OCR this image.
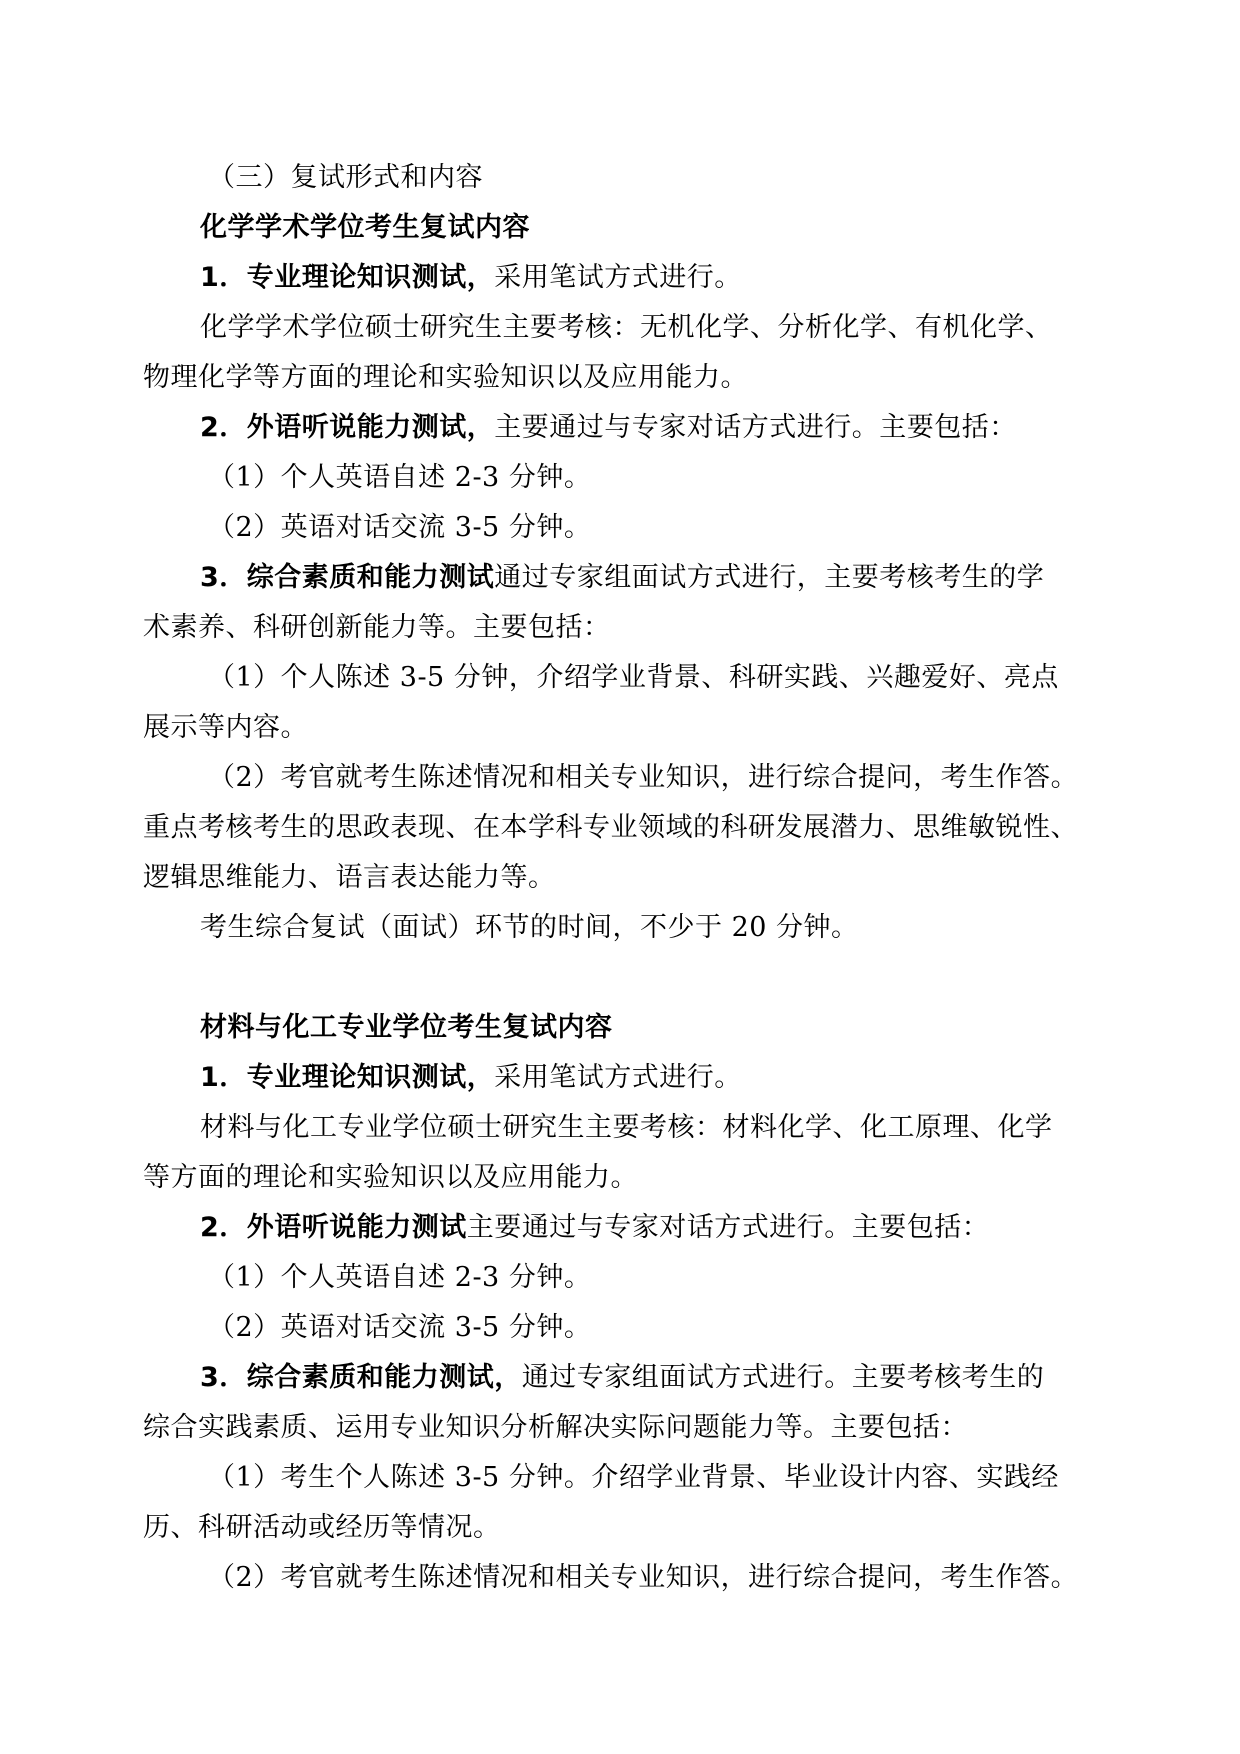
（三）复试形式和内容
化学学术学位考生复试内容
1．专业理论知识测试，采用笔试方式进行。
化学学术学位硕士研究生主要考核：无机化学、分析化学、有机化学、
物理化学等方面的理论和实验知识以及应用能力。
2．外语听说能力测试，主要通过与专家对话方式进行。主要包括：
（1）个人英语自述 2-3 分钟。
（2）英语对话交流 3-5 分钟。
3．综合素质和能力测试通过专家组面试方式进行，主要考核考生的学
术素养、科研创新能力等。主要包括：
（1）个人陈述 3-5 分钟，介绍学业背景、科研实践、兴趣爱好、亮点
展示等内容。
（2）考官就考生陈述情况和相关专业知识，进行综合提问，考生作答。
重点考核考生的思政表现、在本学科专业领域的科研发展潜力、思维敏锐性、
逻辑思维能力、语言表达能力等。
考生综合复试（面试）环节的时间，不少于 20 分钟。
材料与化工专业学位考生复试内容
1．专业理论知识测试，采用笔试方式进行。
材料与化工专业学位硕士研究生主要考核：材料化学、化工原理、化学
等方面的理论和实验知识以及应用能力。
2．外语听说能力测试主要通过与专家对话方式进行。主要包括：
（1）个人英语自述 2-3 分钟。
（2）英语对话交流 3-5 分钟。
3．综合素质和能力测试，通过专家组面试方式进行。主要考核考生的
综合实践素质、运用专业知识分析解决实际问题能力等。主要包括：
（1）考生个人陈述 3-5 分钟。介绍学业背景、毕业设计内容、实践经
历、科研活动或经历等情况。
（2）考官就考生陈述情况和相关专业知识，进行综合提问，考生作答。
